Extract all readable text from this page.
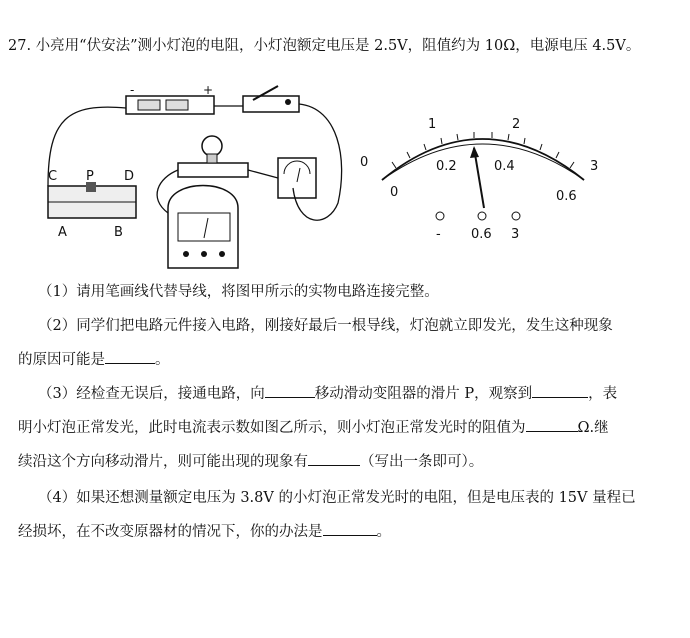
27. 小亮用“伏安法”测小灯泡的电阻，小灯泡额定电压是 2.5V，阻值约为 10Ω，电源电压 4.5V。
-	+
C P D
A	B
0
1	2
3
0
0.2	0.4
0.6
- 0.6 3
（1）请用笔画线代替导线，将图甲所示的实物电路连接完整。
（2）同学们把电路元件接入电路，刚接好最后一根导线，灯泡就立即发光，发生这种现象
的原因可能是	。
（3）经检查无误后，接通电路，向	移动滑动变阻器的滑片 P，观察到	，表
明小灯泡正常发光，此时电流表示数如图乙所示，则小灯泡正常发光时的阻值为	Ω.继
续沿这个方向移动滑片，则可能出现的现象有	（写出一条即可）。
（4）如果还想测量额定电压为 3.8V 的小灯泡正常发光时的电阻，但是电压表的 15V 量程已
经损坏，在不改变原器材的情况下，你的办法是	。
